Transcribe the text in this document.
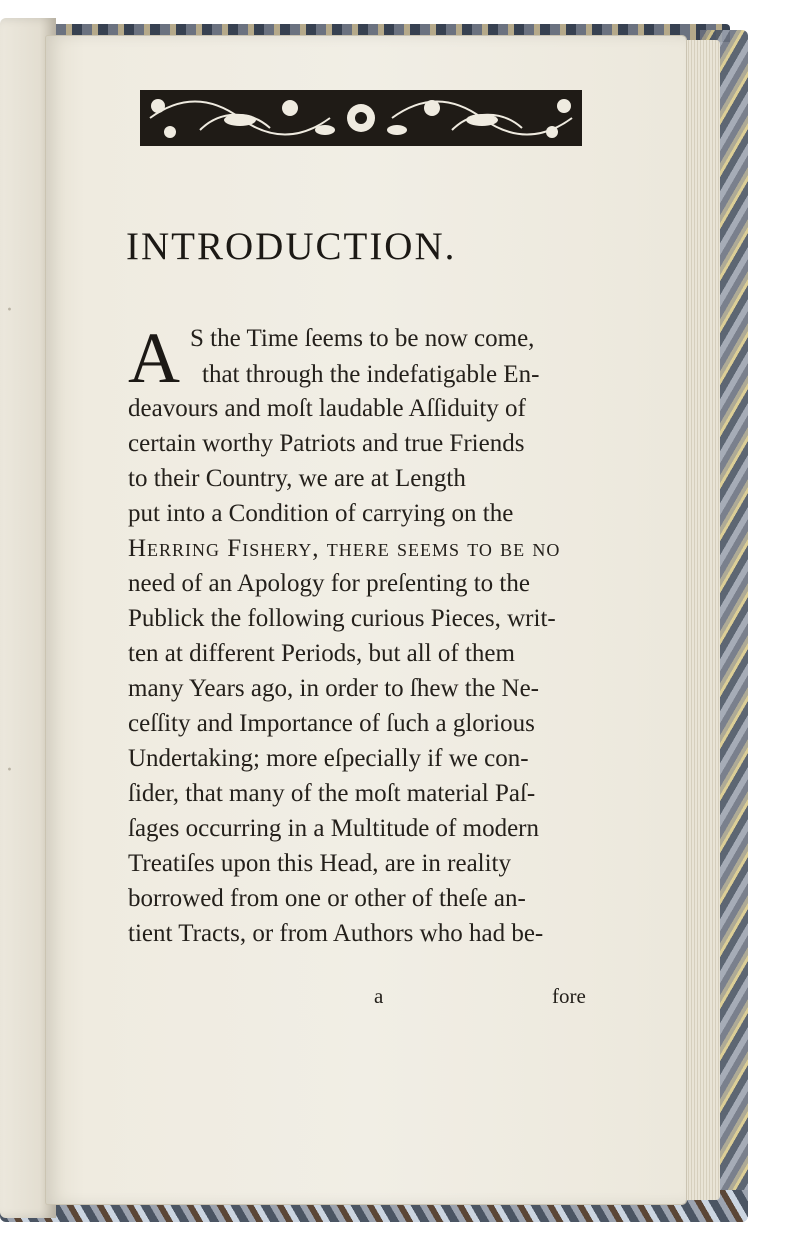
·
·
INTRODUCTION.
A S the Time ſeems to be now come,
that through the indefatigable En-
deavours and moſt laudable Aſſiduity of
certain worthy Patriots and true Friends
to their Country, we are at Length
put into a Condition of carrying on the
Herring Fishery, there ſeems to be no
need of an Apology for preſenting to the
Publick the following curious Pieces, writ-
ten at different Periods, but all of them
many Years ago, in order to ſhew the Ne-
ceſſity and Importance of ſuch a glorious
Undertaking; more eſpecially if we con-
ſider, that many of the moſt material Paſ-
ſages occurring in a Multitude of modern
Treatiſes upon this Head, are in reality
borrowed from one or other of theſe an-
tient Tracts, or from Authors who had be-
a	fore
